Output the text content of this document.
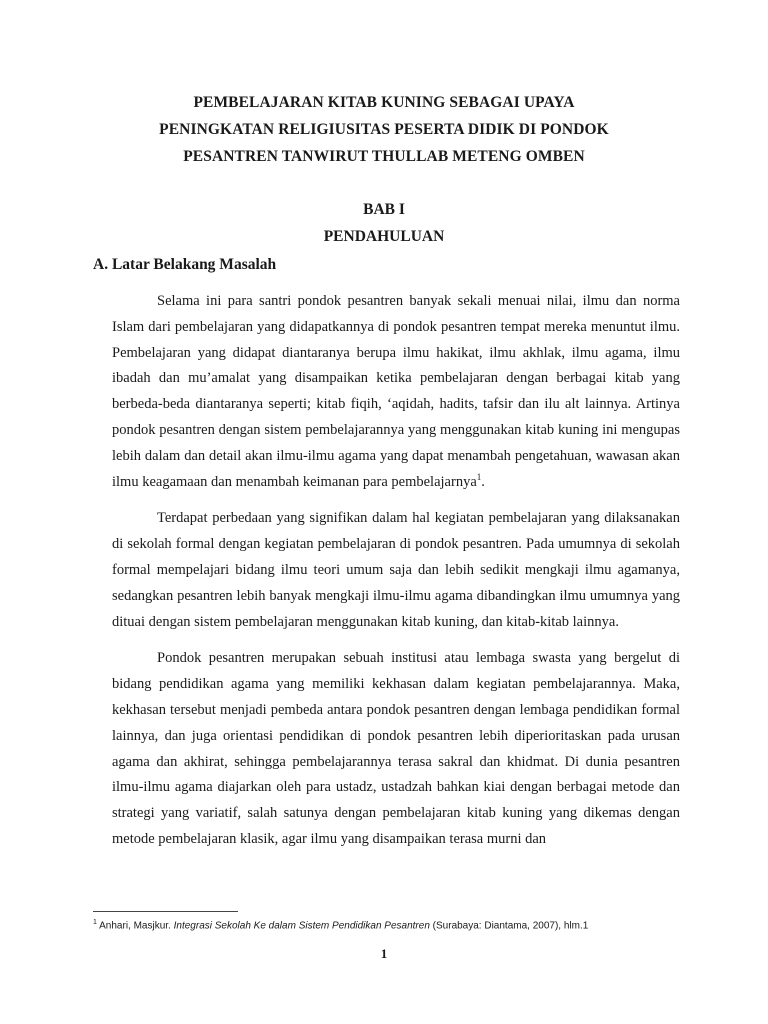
PEMBELAJARAN KITAB KUNING SEBAGAI UPAYA
PENINGKATAN RELIGIUSITAS PESERTA DIDIK DI PONDOK
PESANTREN TANWIRUT THULLAB METENG OMBEN
BAB I
PENDAHULUAN
A. Latar Belakang Masalah

Selama ini para santri pondok pesantren banyak sekali menuai nilai, ilmu dan norma Islam dari pembelajaran yang didapatkannya di pondok pesantren tempat mereka menuntut ilmu. Pembelajaran yang didapat diantaranya berupa ilmu hakikat, ilmu akhlak, ilmu agama, ilmu ibadah dan mu’amalat yang disampaikan ketika pembelajaran dengan berbagai kitab yang berbeda-beda diantaranya seperti; kitab fiqih, ‘aqidah, hadits, tafsir dan ilu alt lainnya. Artinya pondok pesantren dengan sistem pembelajarannya yang menggunakan kitab kuning ini mengupas lebih dalam dan detail akan ilmu-ilmu agama yang dapat menambah pengetahuan, wawasan akan ilmu keagamaan dan menambah keimanan para pembelajarnya$^1$.

Terdapat perbedaan yang signifikan dalam hal kegiatan pembelajaran yang dilaksanakan di sekolah formal dengan kegiatan pembelajaran di pondok pesantren. Pada umumnya di sekolah formal mempelajari bidang ilmu teori umum saja dan lebih sedikit mengkaji ilmu agamanya, sedangkan pesantren lebih banyak mengkaji ilmu-ilmu agama dibandingkan ilmu umumnya yang dituai dengan sistem pembelajaran menggunakan kitab kuning, dan kitab-kitab lainnya.

Pondok pesantren merupakan sebuah institusi atau lembaga swasta yang bergelut di bidang pendidikan agama yang memiliki kekhasan dalam kegiatan pembelajarannya. Maka, kekhasan tersebut menjadi pembeda antara pondok pesantren dengan lembaga pendidikan formal lainnya, dan juga orientasi pendidikan di pondok pesantren lebih diperioritaskan pada urusan agama dan akhirat, sehingga pembelajarannya terasa sakral dan khidmat. Di dunia pesantren ilmu-ilmu agama diajarkan oleh para ustadz, ustadzah bahkan kiai dengan berbagai metode dan strategi yang variatif, salah satunya dengan pembelajaran kitab kuning yang dikemas dengan metode pembelajaran klasik, agar ilmu yang disampaikan terasa murni dan

$^1$ Anhari, Masjkur. Integrasi Sekolah Ke dalam Sistem Pendidikan Pesantren (Surabaya: Diantama, 2007), hlm.1
1
